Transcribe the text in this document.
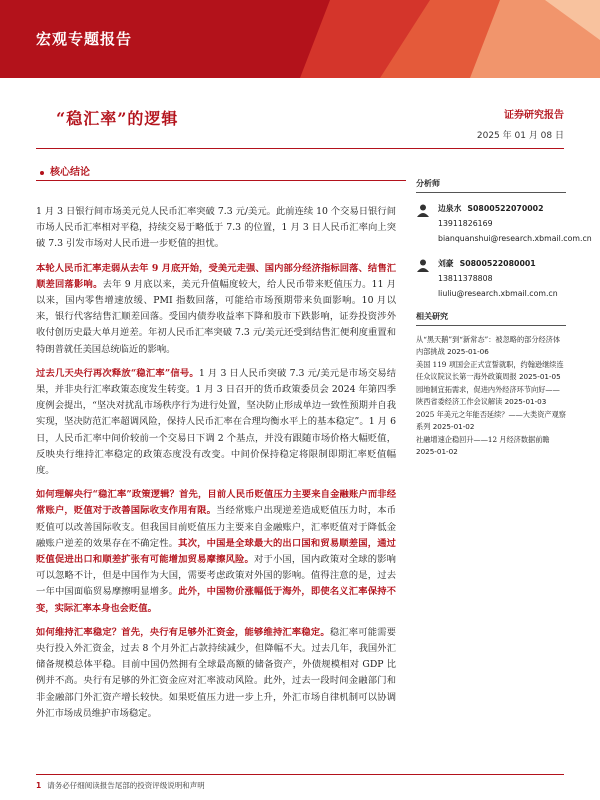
宏观专题报告
“稳汇率”的逻辑	证券研究报告
2025 年 01 月 08 日
核心结论

1 月 3 日银行间市场美元兑人民币汇率突破 7.3 元/美元。此前连续 10 个交易日银行间市场人民币汇率相对平稳，持续交易于略低于 7.3 的位置，1 月 3 日人民币汇率向上突破 7.3 引发市场对人民币进一步贬值的担忧。

本轮人民币汇率走弱从去年 9 月底开始，受美元走强、国内部分经济指标回落、结售汇顺差回落影响。去年 9 月底以来，美元升值幅度较大，给人民币带来贬值压力。11 月以来，国内零售增速放缓、PMI 指数回落，可能给市场预期带来负面影响。10 月以来，银行代客结售汇顺差回落。受国内债券收益率下降和股市下跌影响，证券投资涉外收付创历史最大单月逆差。年初人民币汇率突破 7.3 元/美元还受到结售汇便利度重置和特朗普就任美国总统临近的影响。

过去几天央行再次释放“稳汇率”信号。1 月 3 日人民币突破 7.3 元/美元是市场交易结果，并非央行汇率政策态度发生转变。1 月 3 日召开的货币政策委员会 2024 年第四季度例会提出，“坚决对扰乱市场秩序行为进行处置，坚决防止形成单边一致性预期并自我实现，坚决防范汇率超调风险，保持人民币汇率在合理均衡水平上的基本稳定”。1 月 6 日，人民币汇率中间价较前一个交易日下调 2 个基点，并没有跟随市场价格大幅贬值，反映央行维持汇率稳定的政策态度没有改变。中间价保持稳定将限制即期汇率贬值幅度。

如何理解央行“稳汇率”政策逻辑？首先，目前人民币贬值压力主要来自金融账户而非经常账户，贬值对于改善国际收支作用有限。当经常账户出现逆差造成贬值压力时，本币贬值可以改善国际收支。但我国目前贬值压力主要来自金融账户，汇率贬值对于降低金融账户逆差的效果存在不确定性。其次，中国是全球最大的出口国和贸易顺差国，通过贬值促进出口和顺差扩张有可能增加贸易摩擦风险。对于小国，国内政策对全球的影响可以忽略不计，但是中国作为大国，需要考虑政策对外国的影响。值得注意的是，过去一年中国面临贸易摩擦明显增多。此外，中国物价涨幅低于海外，即使名义汇率保持不变，实际汇率本身也会贬值。

如何维持汇率稳定？首先，央行有足够外汇资金，能够维持汇率稳定。稳汇率可能需要央行投入外汇资金，过去 8 个月外汇占款持续减少，但降幅不大。过去几年，我国外汇储备规模总体平稳。目前中国仍然拥有全球最高额的储备资产，外债规模相对 GDP 比例并不高。央行有足够的外汇资金应对汇率波动风险。此外，过去一段时间金融部门和非金融部门外汇资产增长较快。如果贬值压力进一步上升，外汇市场自律机制可以协调外汇市场成员维护市场稳定。

分析师
边泉水 S0800522070002
13911826169
bianquanshui@research.xbmail.com.cn
刘豪 S0800522080001
13811378808
liuliu@research.xbmail.com.cn
相关研究
从“黑天鹅”到“新常态”：被忽略的部分经济体内部挑战 2025-01-06
美国 119 项国会正式宣誓就职，约翰逊继续连任众议院议长第一海外政策周报 2025-01-05
园地制宜拓需求，促进内外经济环节向好——陕西省委经济工作会议解读 2025-01-03
2025 年美元之年能否延续？——大类资产观察系列 2025-01-02
社融增速企稳回升——12 月经济数据前瞻 2025-01-02
1 请务必仔细阅读报告尾部的投资评级说明和声明
